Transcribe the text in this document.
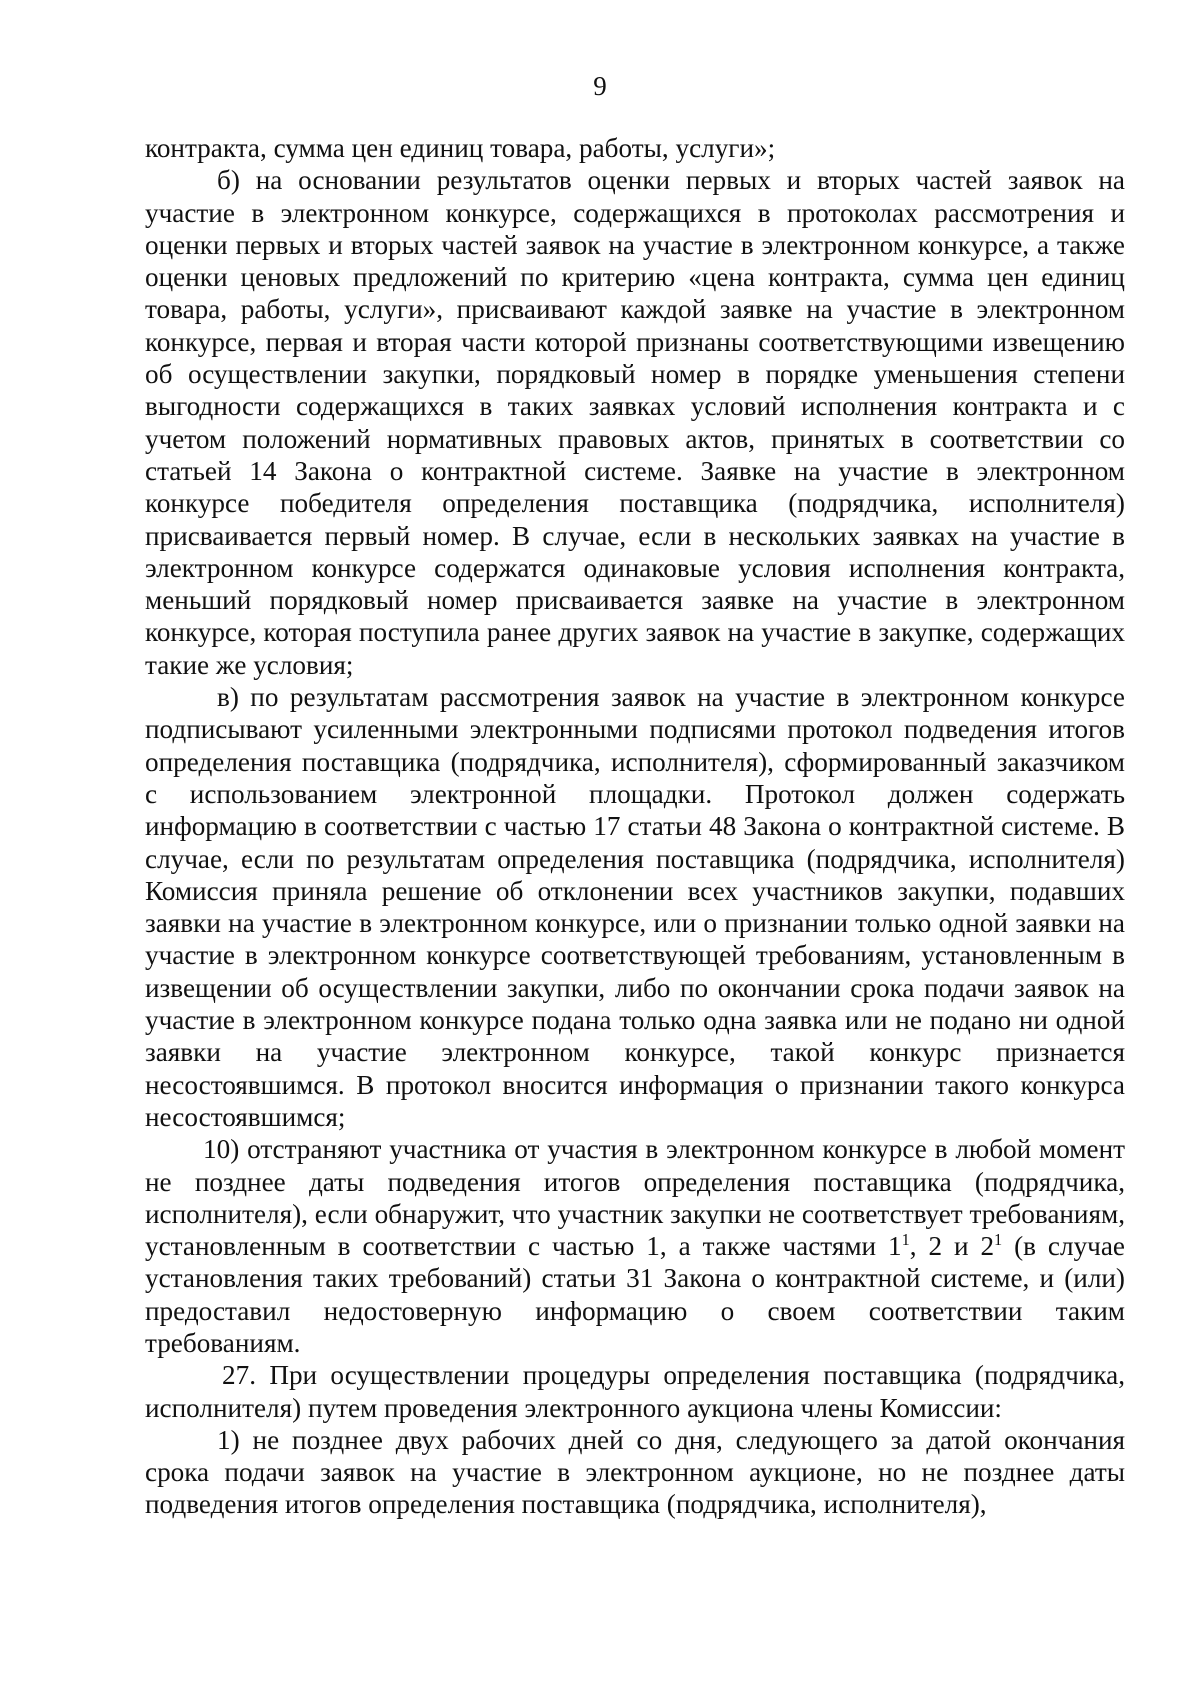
9

контракта, сумма цен единиц товара, работы, услуги»;

б) на основании результатов оценки первых и вторых частей заявок на участие в электронном конкурсе, содержащихся в протоколах рассмотрения и оценки первых и вторых частей заявок на участие в электронном конкурсе, а также оценки ценовых предложений по критерию «цена контракта, сумма цен единиц товара, работы, услуги», присваивают каждой заявке на участие в электронном конкурсе, первая и вторая части которой признаны соответствующими извещению об осуществлении закупки, порядковый номер в порядке уменьшения степени выгодности содержащихся в таких заявках условий исполнения контракта и с учетом положений нормативных правовых актов, принятых в соответствии со статьей 14 Закона о контрактной системе. Заявке на участие в электронном конкурсе победителя определения поставщика (подрядчика, исполнителя) присваивается первый номер. В случае, если в нескольких заявках на участие в электронном конкурсе содержатся одинаковые условия исполнения контракта, меньший порядковый номер присваивается заявке на участие в электронном конкурсе, которая поступила ранее других заявок на участие в закупке, содержащих такие же условия;

в) по результатам рассмотрения заявок на участие в электронном конкурсе подписывают усиленными электронными подписями протокол подведения итогов определения поставщика (подрядчика, исполнителя), сформированный заказчиком с использованием электронной площадки. Протокол должен содержать информацию в соответствии с частью 17 статьи 48 Закона о контрактной системе. В случае, если по результатам определения поставщика (подрядчика, исполнителя) Комиссия приняла решение об отклонении всех участников закупки, подавших заявки на участие в электронном конкурсе, или о признании только одной заявки на участие в электронном конкурсе соответствующей требованиям, установленным в извещении об осуществлении закупки, либо по окончании срока подачи заявок на участие в электронном конкурсе подана только одна заявка или не подано ни одной заявки на участие электронном конкурсе, такой конкурс признается несостоявшимся. В протокол вносится информация о признании такого конкурса несостоявшимся;

10) отстраняют участника от участия в электронном конкурсе в любой момент не позднее даты подведения итогов определения поставщика (подрядчика, исполнителя), если обнаружит, что участник закупки не соответствует требованиям, установленным в соответствии с частью 1, а также частями $1^1$, 2 и $2^1$ (в случае установления таких требований) статьи 31 Закона о контрактной системе, и (или) предоставил недостоверную информацию о своем соответствии таким требованиям.

27. При осуществлении процедуры определения поставщика (подрядчика, исполнителя) путем проведения электронного аукциона члены Комиссии:

1) не позднее двух рабочих дней со дня, следующего за датой окончания срока подачи заявок на участие в электронном аукционе, но не позднее даты подведения итогов определения поставщика (подрядчика, исполнителя),
